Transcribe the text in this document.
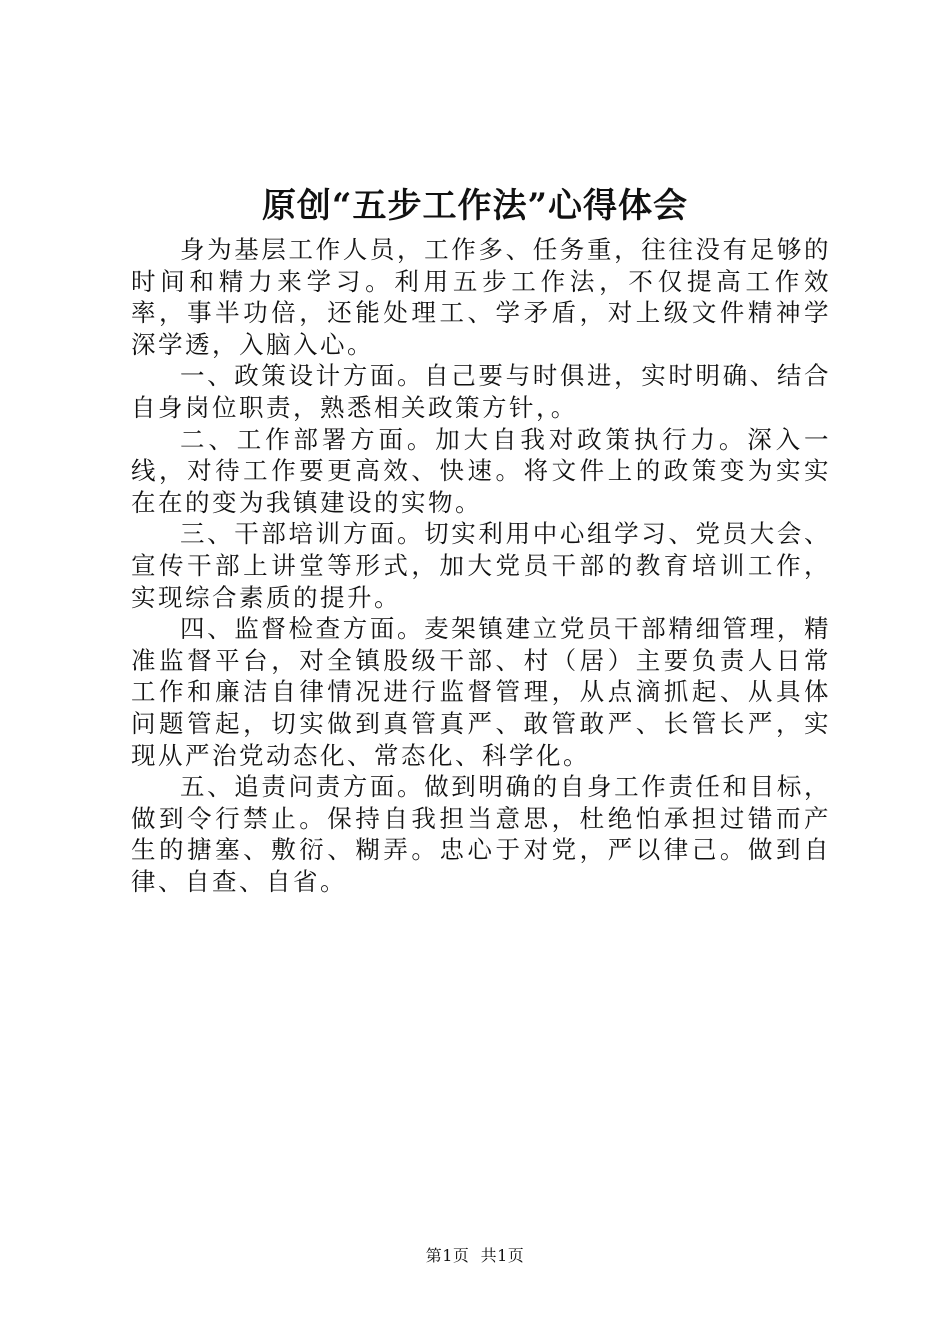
原创“五步工作法”心得体会

身为基层工作人员，工作多、任务重，往往没有足够的时间和精力来学习。利用五步工作法，不仅提高工作效率，事半功倍，还能处理工、学矛盾，对上级文件精神学深学透，入脑入心。

一、政策设计方面。自己要与时俱进，实时明确、结合自身岗位职责，熟悉相关政策方针，。

二、工作部署方面。加大自我对政策执行力。深入一线，对待工作要更高效、快速。将文件上的政策变为实实在在的变为我镇建设的实物。

三、干部培训方面。切实利用中心组学习、党员大会、宣传干部上讲堂等形式，加大党员干部的教育培训工作，实现综合素质的提升。

四、监督检查方面。麦架镇建立党员干部精细管理，精准监督平台，对全镇股级干部、村（居）主要负责人日常工作和廉洁自律情况进行监督管理，从点滴抓起、从具体问题管起，切实做到真管真严、敢管敢严、长管长严，实现从严治党动态化、常态化、科学化。

五、追责问责方面。做到明确的自身工作责任和目标，做到令行禁止。保持自我担当意思，杜绝怕承担过错而产生的搪塞、敷衍、糊弄。忠心于对党，严以律己。做到自律、自查、自省。

第1页  共1页
